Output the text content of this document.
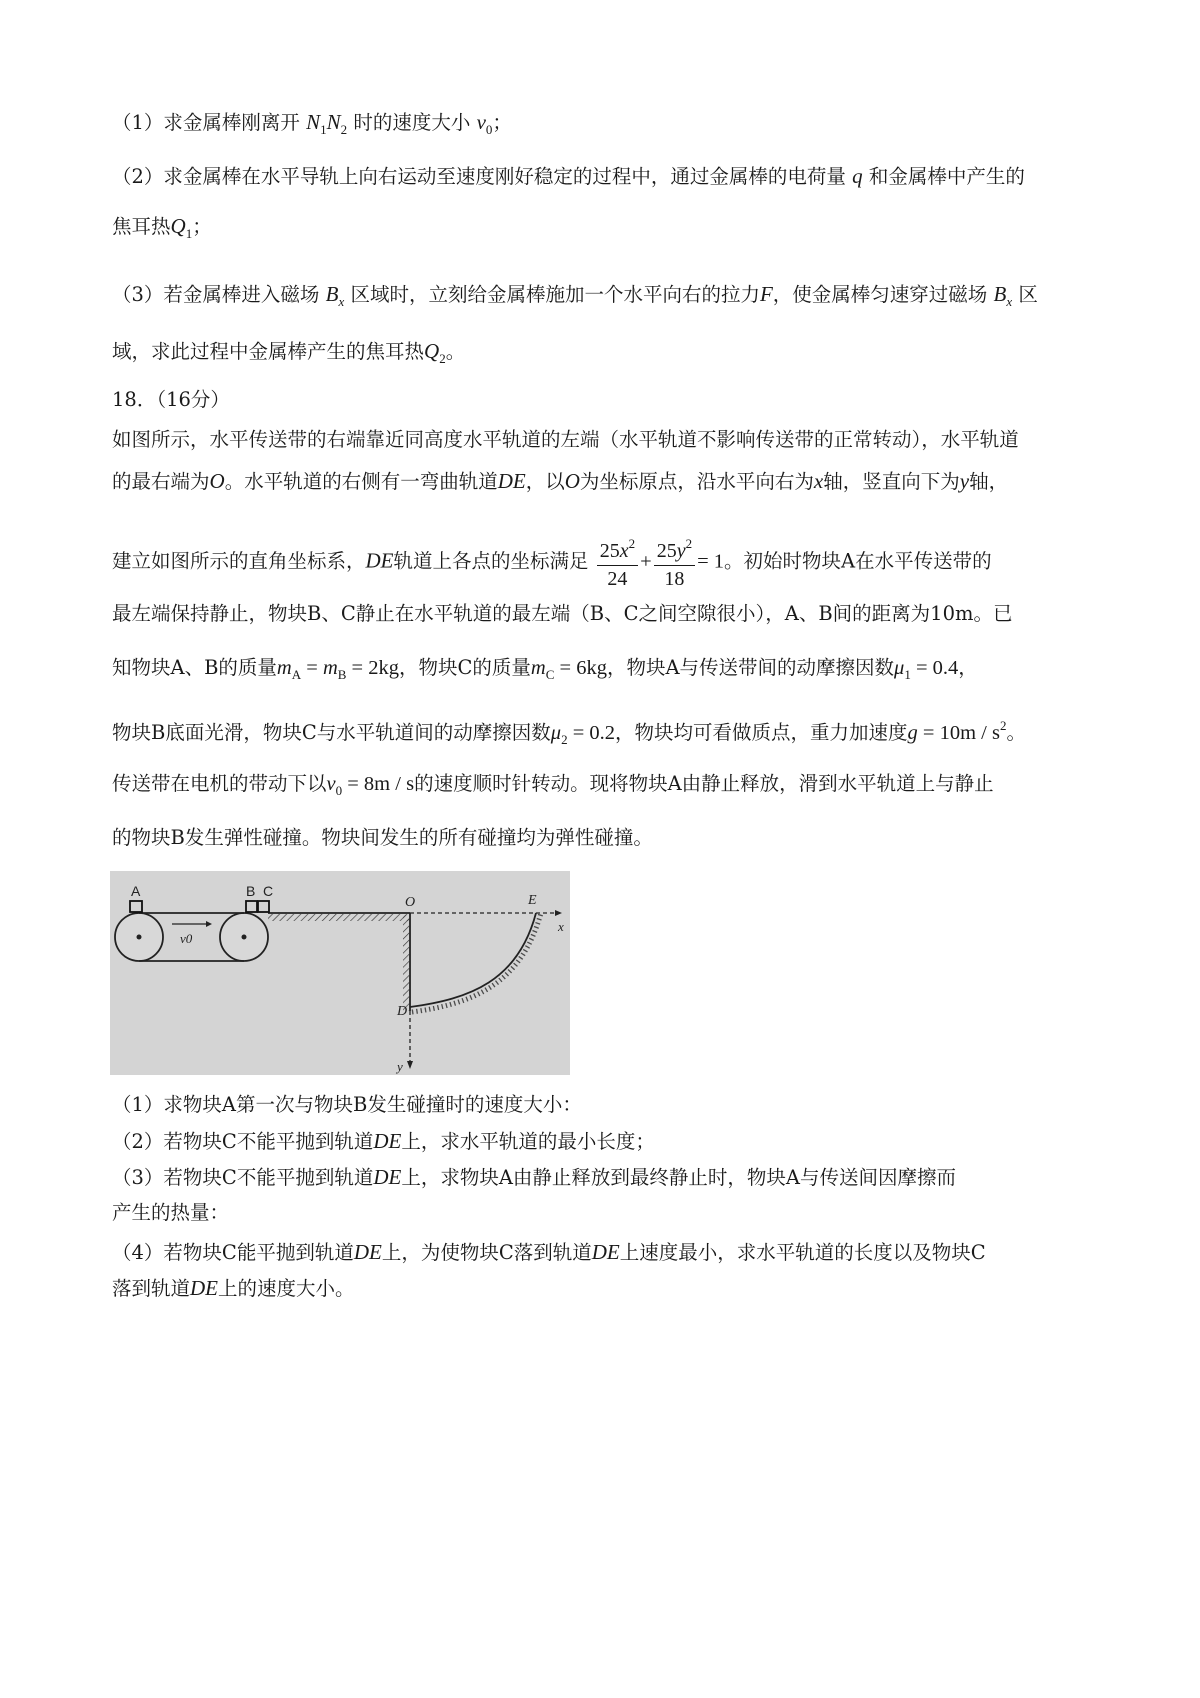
（1）求金属棒刚离开 $N_1N_2$ 时的速度大小 $v_0$；
（2）求金属棒在水平导轨上向右运动至速度刚好稳定的过程中，通过金属棒的电荷量 q 和金属棒中产生的
焦耳热$Q_1$；
（3）若金属棒进入磁场 $B_x$ 区域时，立刻给金属棒施加一个水平向右的拉力F，使金属棒匀速穿过磁场 $B_x$ 区
域，求此过程中金属棒产生的焦耳热$Q_2$。
18．（16分）
如图所示，水平传送带的右端靠近同高度水平轨道的左端（水平轨道不影响传送带的正常转动），水平轨道
的最右端为O。水平轨道的右侧有一弯曲轨道DE，以O为坐标原点，沿水平向右为x轴，竖直向下为y轴，
建立如图所示的直角坐标系，DE轨道上各点的坐标满足 $\frac{25x^2}{24} + \frac{25y^2}{18} = 1$。初始时物块A在水平传送带的
最左端保持静止，物块B、C静止在水平轨道的最左端（B、C之间空隙很小），A、B间的距离为10m。已
知物块A、B的质量$m_A = m_B = 2kg$，物块C的质量$m_C = 6kg$，物块A与传送带间的动摩擦因数$\mu_1 = 0.4$，
物块B底面光滑，物块C与水平轨道间的动摩擦因数$\mu_2 = 0.2$，物块均可看做质点，重力加速度$g = 10m / s^2$。
传送带在电机的带动下以$v_0 = 8m / s$的速度顺时针转动。现将物块A由静止释放，滑到水平轨道上与静止
的物块B发生弹性碰撞。物块间发生的所有碰撞均为弹性碰撞。
v0
A	B C
x
O
y
D
E
（1）求物块A第一次与物块B发生碰撞时的速度大小：
（2）若物块C不能平抛到轨道DE上，求水平轨道的最小长度；
（3）若物块C不能平抛到轨道DE上，求物块A由静止释放到最终静止时，物块A与传送间因摩擦而
产生的热量：
（4）若物块C能平抛到轨道DE上，为使物块C落到轨道DE上速度最小，求水平轨道的长度以及物块C
落到轨道DE上的速度大小。
